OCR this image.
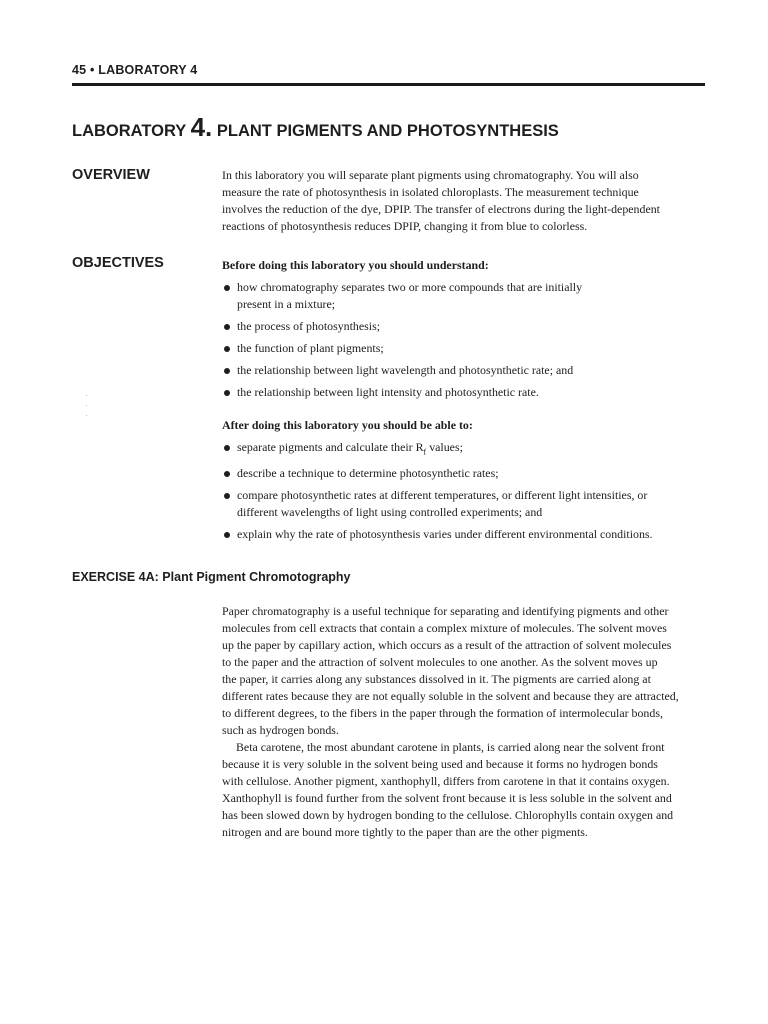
45 • LABORATORY 4
LABORATORY 4. PLANT PIGMENTS AND PHOTOSYNTHESIS
OVERVIEW	In this laboratory you will separate plant pigments using chromatography. You will also

measure the rate of photosynthesis in isolated chloroplasts. The measurement technique

involves the reduction of the dye, DPIP. The transfer of electrons during the light-dependent

reactions of photosynthesis reduces DPIP, changing it from blue to colorless.

OBJECTIVES	Before doing this laboratory you should understand:

how chromatography separates two or more compounds that are initially
present in a mixture;
the process of photosynthesis;
the function of plant pigments;
the relationship between light wavelength and photosynthetic rate; and
the relationship between light intensity and photosynthetic rate.

After doing this laboratory you should be able to:

separate pigments and calculate their $R_f$ values;
describe a technique to determine photosynthetic rates;
compare photosynthetic rates at different temperatures, or different light intensities, or
different wavelengths of light using controlled experiments; and
explain why the rate of photosynthesis varies under different environmental conditions.
EXERCISE 4A: Plant Pigment Chromotography

Paper chromatography is a useful technique for separating and identifying pigments and other

molecules from cell extracts that contain a complex mixture of molecules. The solvent moves

up the paper by capillary action, which occurs as a result of the attraction of solvent molecules

to the paper and the attraction of solvent molecules to one another. As the solvent moves up

the paper, it carries along any substances dissolved in it. The pigments are carried along at

different rates because they are not equally soluble in the solvent and because they are attracted,

to different degrees, to the fibers in the paper through the formation of intermolecular bonds,

such as hydrogen bonds.

Beta carotene, the most abundant carotene in plants, is carried along near the solvent front

because it is very soluble in the solvent being used and because it forms no hydrogen bonds

with cellulose. Another pigment, xanthophyll, differs from carotene in that it contains oxygen.

Xanthophyll is found further from the solvent front because it is less soluble in the solvent and

has been slowed down by hydrogen bonding to the cellulose. Chlorophylls contain oxygen and

nitrogen and are bound more tightly to the paper than are the other pigments.
